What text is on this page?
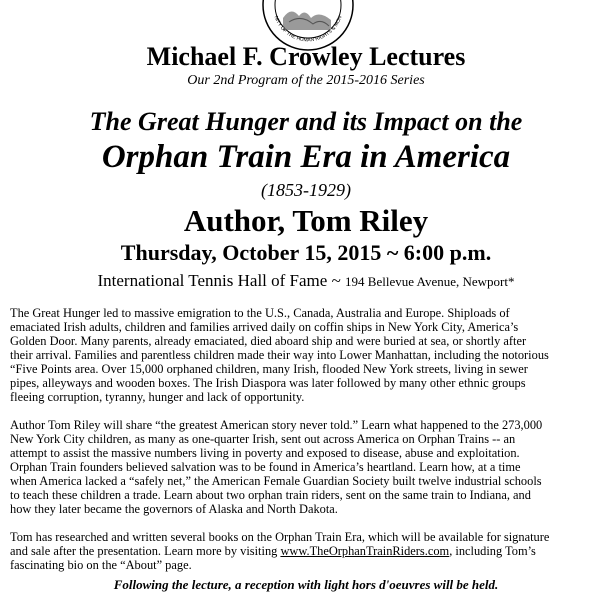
NITY OF THE HUMAN RIGHTS & MON
Michael F. Crowley Lectures
Our 2nd Program of the 2015-2016 Series
The Great Hunger and its Impact on the
Orphan Train Era in America
(1853-1929)
Author, Tom Riley
Thursday, October 15, 2015 ~ 6:00 p.m.
International Tennis Hall of Fame ~ 194 Bellevue Avenue, Newport*
The Great Hunger led to massive emigration to the U.S., Canada, Australia and Europe. Shiploads of
emaciated Irish adults, children and families arrived daily on coffin ships in New York City, America’s
Golden Door. Many parents, already emaciated, died aboard ship and were buried at sea, or shortly after
their arrival. Families and parentless children made their way into Lower Manhattan, including the notorious
“Five Points area. Over 15,000 orphaned children, many Irish, flooded New York streets, living in sewer
pipes, alleyways and wooden boxes. The Irish Diaspora was later followed by many other ethnic groups
fleeing corruption, tyranny, hunger and lack of opportunity.
Author Tom Riley will share “the greatest American story never told.” Learn what happened to the 273,000
New York City children, as many as one-quarter Irish, sent out across America on Orphan Trains -- an
attempt to assist the massive numbers living in poverty and exposed to disease, abuse and exploitation.
Orphan Train founders believed salvation was to be found in America’s heartland. Learn how, at a time
when America lacked a “safely net,” the American Female Guardian Society built twelve industrial schools
to teach these children a trade. Learn about two orphan train riders, sent on the same train to Indiana, and
how they later became the governors of Alaska and North Dakota.
Tom has researched and written several books on the Orphan Train Era, which will be available for signature
and sale after the presentation. Learn more by visiting www.TheOrphanTrainRiders.com, including Tom’s
fascinating bio on the “About” page.
Following the lecture, a reception with light hors d'oeuvres will be held.
